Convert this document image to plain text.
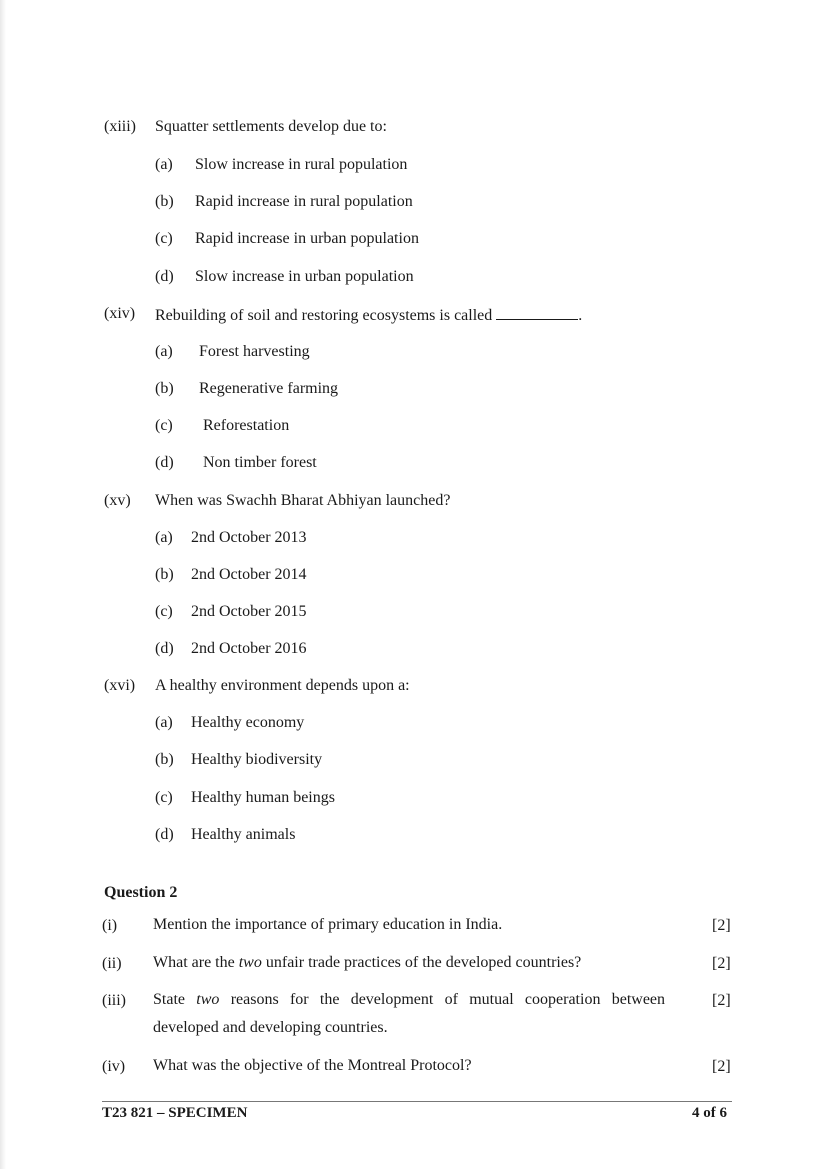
(xiii) Squatter settlements develop due to:
(a) Slow increase in rural population
(b) Rapid increase in rural population
(c) Rapid increase in urban population
(d) Slow increase in urban population
(xiv) Rebuilding of soil and restoring ecosystems is called	.
(a) Forest harvesting
(b) Regenerative farming
(c) Reforestation
(d) Non timber forest
(xv) When was Swachh Bharat Abhiyan launched?
(a) 2nd October 2013
(b) 2nd October 2014
(c) 2nd October 2015
(d) 2nd October 2016
(xvi) A healthy environment depends upon a:
(a) Healthy economy
(b) Healthy biodiversity
(c) Healthy human beings
(d) Healthy animals
Question 2
(i) Mention the importance of primary education in India.	[2]
(ii) What are the two unfair trade practices of the developed countries?	[2]
(iii) State two reasons for the development of mutual cooperation between developed and developing countries.
[2]
(iv) What was the objective of the Montreal Protocol?	[2]
T23 821 – SPECIMEN	4 of 6
